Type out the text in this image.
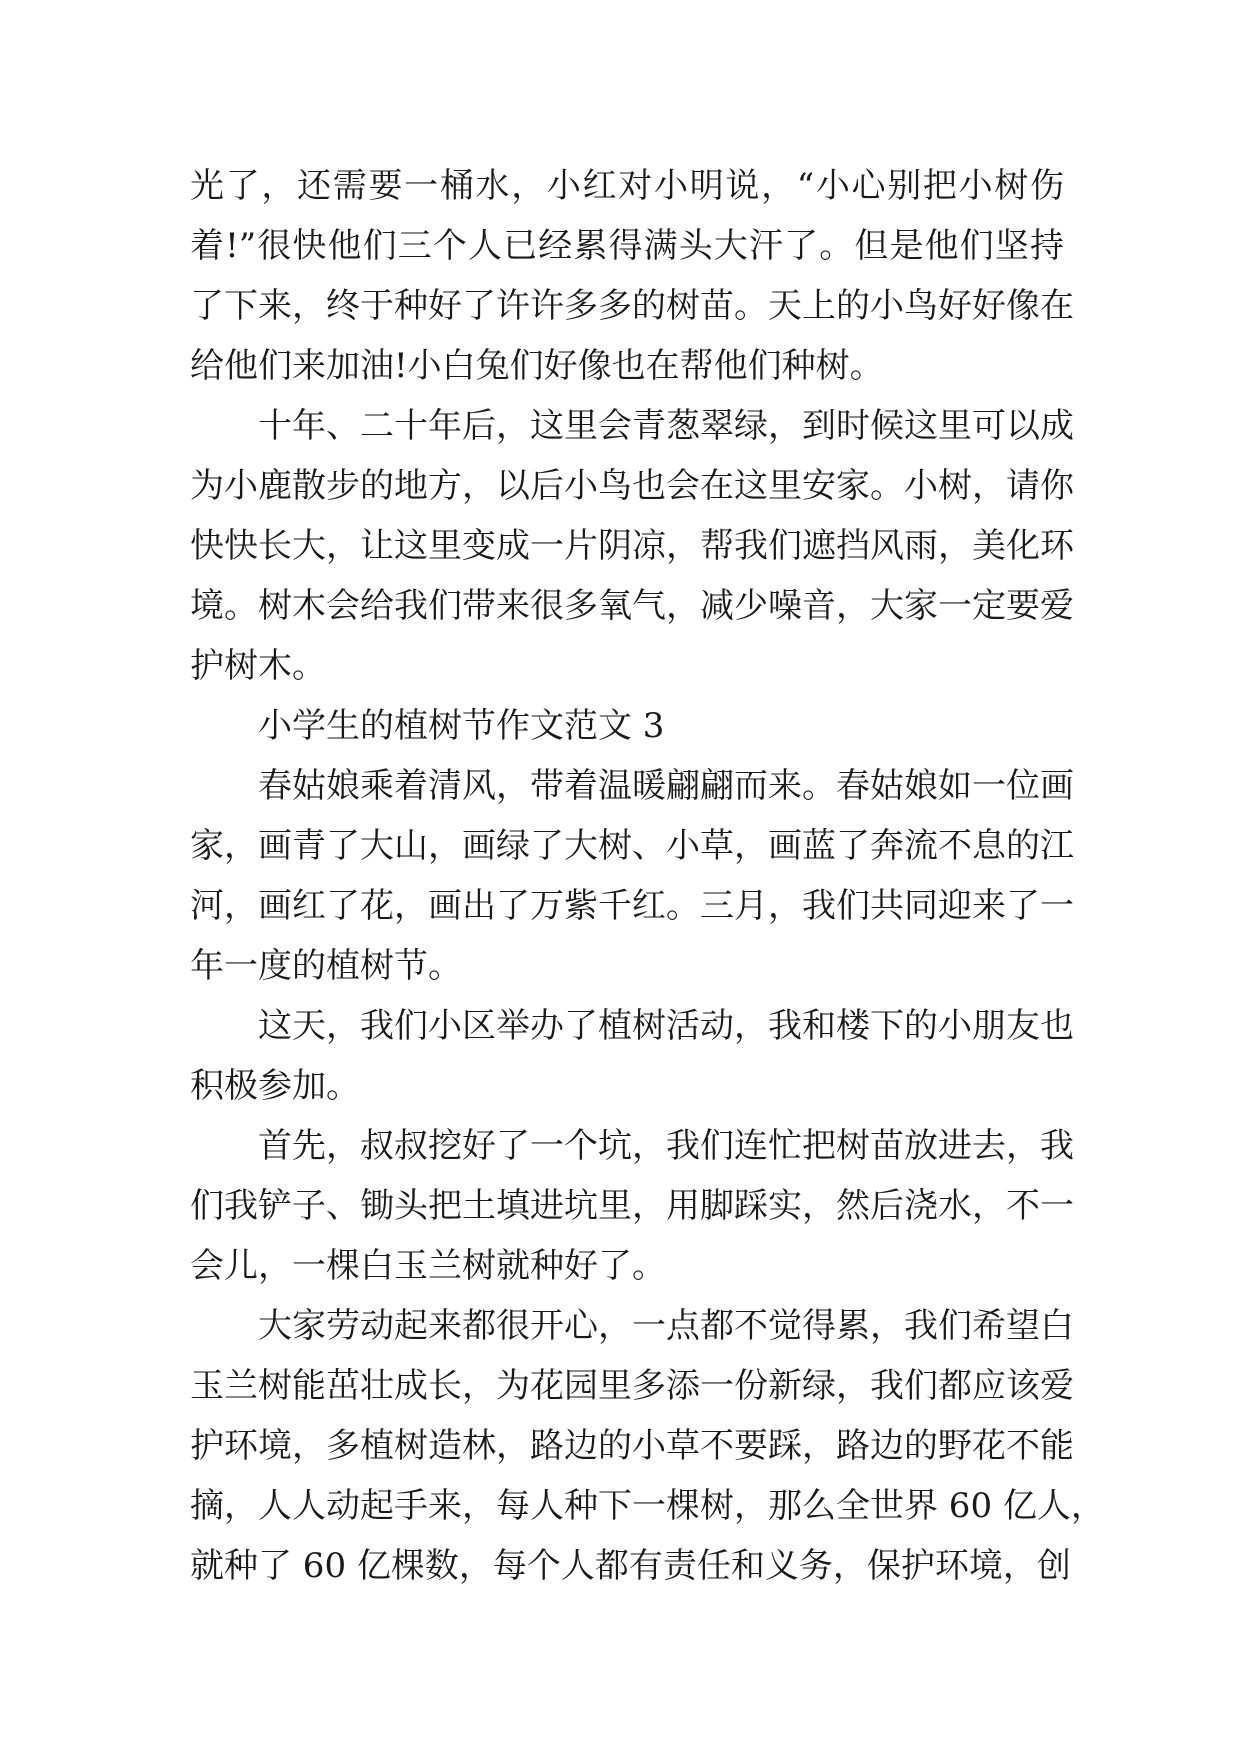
光了，还需要一桶水，小红对小明说，“小心别把小树伤
着!”很快他们三个人已经累得满头大汗了。但是他们坚持
了下来，终于种好了许许多多的树苗。天上的小鸟好好像在
给他们来加油!小白兔们好像也在帮他们种树。
十年、二十年后，这里会青葱翠绿，到时候这里可以成
为小鹿散步的地方，以后小鸟也会在这里安家。小树，请你
快快长大，让这里变成一片阴凉，帮我们遮挡风雨，美化环
境。树木会给我们带来很多氧气，减少噪音，大家一定要爱
护树木。
小学生的植树节作文范文 3
春姑娘乘着清风，带着温暖翩翩而来。春姑娘如一位画
家，画青了大山，画绿了大树、小草，画蓝了奔流不息的江
河，画红了花，画出了万紫千红。三月，我们共同迎来了一
年一度的植树节。
这天，我们小区举办了植树活动，我和楼下的小朋友也
积极参加。
首先，叔叔挖好了一个坑，我们连忙把树苗放进去，我
们我铲子、锄头把土填进坑里，用脚踩实，然后浇水，不一
会儿，一棵白玉兰树就种好了。
大家劳动起来都很开心，一点都不觉得累，我们希望白
玉兰树能茁壮成长，为花园里多添一份新绿，我们都应该爱
护环境，多植树造林，路边的小草不要踩，路边的野花不能
摘，人人动起手来，每人种下一棵树，那么全世界 60 亿人，
就种了 60 亿棵数，每个人都有责任和义务，保护环境，创
